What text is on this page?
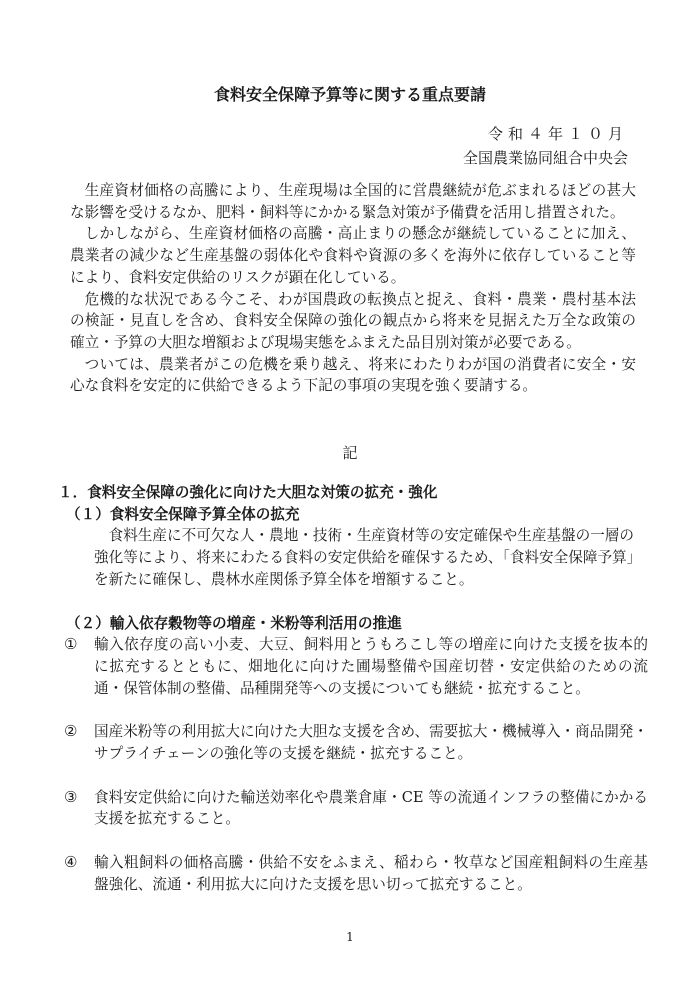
食料安全保障予算等に関する重点要請
令和４年１０月
全国農業協同組合中央会

生産資材価格の高騰により、生産現場は全国的に営農継続が危ぶまれるほどの甚大な影響を受けるなか、肥料・飼料等にかかる緊急対策が予備費を活用し措置された。

しかしながら、生産資材価格の高騰・高止まりの懸念が継続していることに加え、農業者の減少など生産基盤の弱体化や食料や資源の多くを海外に依存していること等により、食料安定供給のリスクが顕在化している。

危機的な状況である今こそ、わが国農政の転換点と捉え、食料・農業・農村基本法の検証・見直しを含め、食料安全保障の強化の観点から将来を見据えた万全な政策の確立・予算の大胆な増額および現場実態をふまえた品目別対策が必要である。

ついては、農業者がこの危機を乗り越え、将来にわたりわが国の消費者に安全・安心な食料を安定的に供給できるよう下記の事項の実現を強く要請する。

記
１．食料安全保障の強化に向けた大胆な対策の拡充・強化
（１）食料安全保障予算全体の拡充

食料生産に不可欠な人・農地・技術・生産資材等の安定確保や生産基盤の一層の強化等により、将来にわたる食料の安定供給を確保するため、「食料安全保障予算」を新たに確保し、農林水産関係予算全体を増額すること。

（２）輸入依存穀物等の増産・米粉等利活用の推進
①	輸入依存度の高い小麦、大豆、飼料用とうもろこし等の増産に向けた支援を抜本的に拡充するとともに、畑地化に向けた圃場整備や国産切替・安定供給のための流通・保管体制の整備、品種開発等への支援についても継続・拡充すること。
②	国産米粉等の利用拡大に向けた大胆な支援を含め、需要拡大・機械導入・商品開発・サプライチェーンの強化等の支援を継続・拡充すること。
③	食料安定供給に向けた輸送効率化や農業倉庫・CE 等の流通インフラの整備にかかる支援を拡充すること。
④	輸入粗飼料の価格高騰・供給不安をふまえ、稲わら・牧草など国産粗飼料の生産基盤強化、流通・利用拡大に向けた支援を思い切って拡充すること。
1
